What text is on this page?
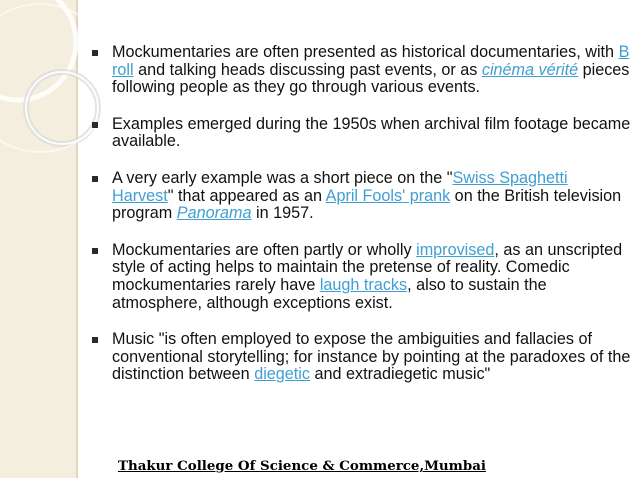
Mockumentaries are often presented as historical documentaries, with B roll and talking heads discussing past events, or as cinéma vérité pieces following people as they go through various events.
Examples emerged during the 1950s when archival film footage became available.
A very early example was a short piece on the "Swiss Spaghetti Harvest" that appeared as an April Fools' prank on the British television program Panorama in 1957.
Mockumentaries are often partly or wholly improvised, as an unscripted style of acting helps to maintain the pretense of reality. Comedic mockumentaries rarely have laugh tracks, also to sustain the atmosphere, although exceptions exist.
Music "is often employed to expose the ambiguities and fallacies of conventional storytelling; for instance by pointing at the paradoxes of the distinction between diegetic and extradiegetic music"
Thakur College Of Science & Commerce,Mumbai
